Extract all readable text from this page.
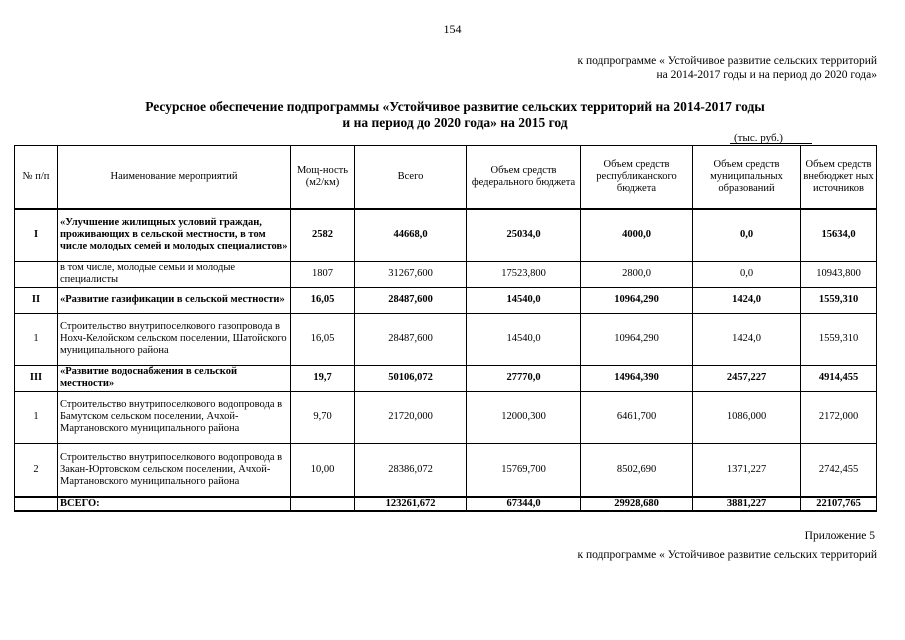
154
к подпрограмме « Устойчивое развитие сельских территорий
на 2014-2017 годы и на период до 2020 года»
Ресурсное обеспечение подпрограммы «Устойчивое развитие сельских территорий на 2014-2017 годы
и на период до 2020 года» на 2015 год
(тыс. руб.)
№ п/п	Наименование мероприятий	Мощ-ность (м2/км)	Всего	Объем средств федерального бюджета	Объем средств республиканского бюджета	Объем средств муниципальных образований	Объем средств внебюджет ных источников
I	«Улучшение жилищных условий граждан, проживающих в сельской местности, в том числе молодых семей и молодых специалистов»	2582	44668,0	25034,0	4000,0	0,0	15634,0
	в том числе, молодые семьи и молодые специалисты	1807	31267,600	17523,800	2800,0	0,0	10943,800
II	«Развитие газификации в сельской местности»	16,05	28487,600	14540,0	10964,290	1424,0	1559,310
1	Строительство внутрипоселкового газопровода в Нохч-Келойском сельском поселении, Шатойского муниципального района	16,05	28487,600	14540,0	10964,290	1424,0	1559,310
III	«Развитие водоснабжения в сельской местности»	19,7	50106,072	27770,0	14964,390	2457,227	4914,455
1	Строительство внутрипоселкового водопровода в Бамутском сельском поселении, Ачхой-Мартановского муниципального района	9,70	21720,000	12000,300	6461,700	1086,000	2172,000
2	Строительство внутрипоселкового водопровода в Закан-Юртовском сельском поселении, Ачхой-Мартановского муниципального района	10,00	28386,072	15769,700	8502,690	1371,227	2742,455
	ВСЕГО:		123261,672	67344,0	29928,680	3881,227	22107,765
Приложение 5
к подпрограмме « Устойчивое развитие сельских территорий
